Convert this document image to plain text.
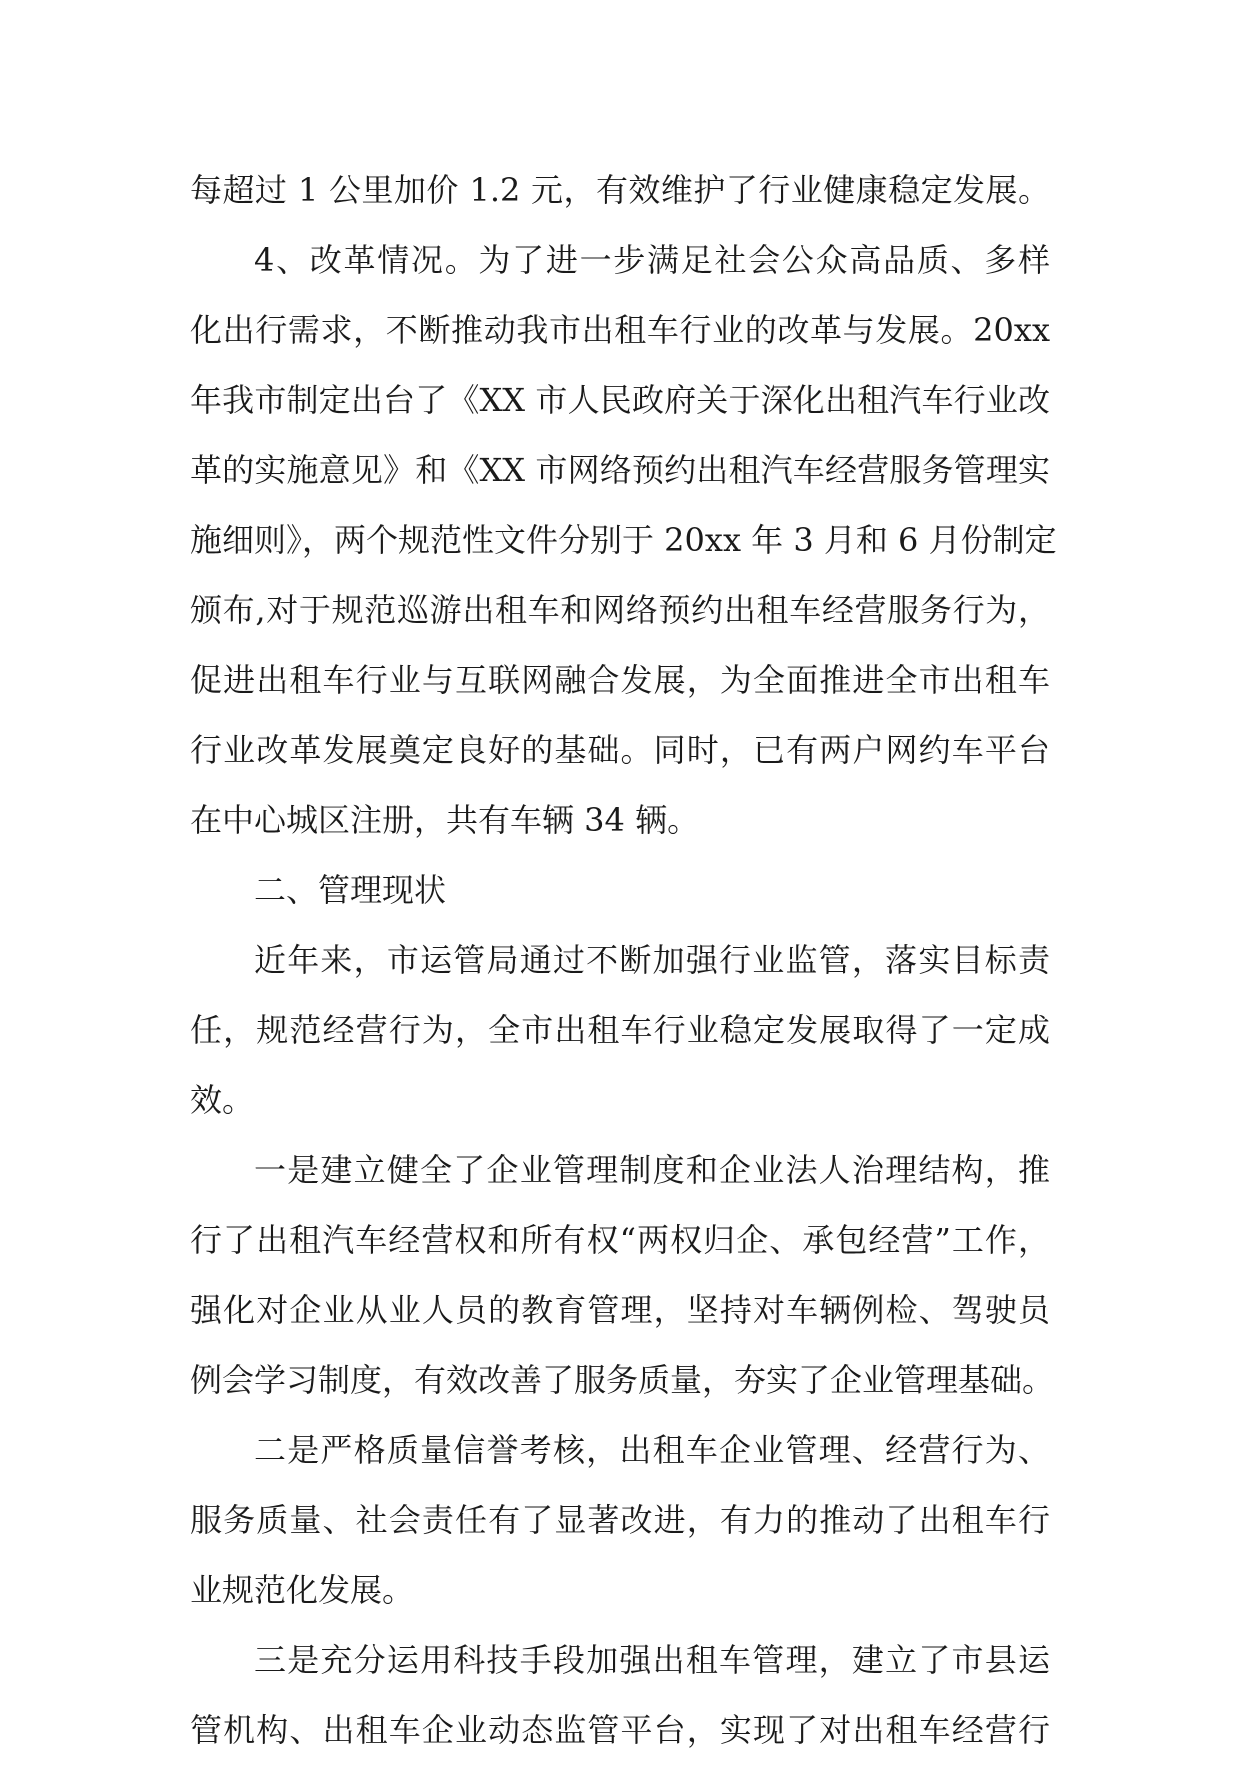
每超过 1 公里加价 1.2 元，有效维护了行业健康稳定发展。
4、改革情况。为了进一步满足社会公众高品质、多样
化出行需求，不断推动我市出租车行业的改革与发展。20xx
年我市制定出台了《XX 市人民政府关于深化出租汽车行业改
革的实施意见》和《XX 市网络预约出租汽车经营服务管理实
施细则》，两个规范性文件分别于 20xx 年 3 月和 6 月份制定
颁布,对于规范巡游出租车和网络预约出租车经营服务行为，
促进出租车行业与互联网融合发展，为全面推进全市出租车
行业改革发展奠定良好的基础。同时，已有两户网约车平台
在中心城区注册，共有车辆 34 辆。
二、管理现状
近年来，市运管局通过不断加强行业监管，落实目标责
任，规范经营行为，全市出租车行业稳定发展取得了一定成
效。
一是建立健全了企业管理制度和企业法人治理结构，推
行了出租汽车经营权和所有权“两权归企、承包经营”工作，
强化对企业从业人员的教育管理，坚持对车辆例检、驾驶员
例会学习制度，有效改善了服务质量，夯实了企业管理基础。
二是严格质量信誉考核，出租车企业管理、经营行为、
服务质量、社会责任有了显著改进，有力的推动了出租车行
业规范化发展。
三是充分运用科技手段加强出租车管理，建立了市县运
管机构、出租车企业动态监管平台，实现了对出租车经营行
